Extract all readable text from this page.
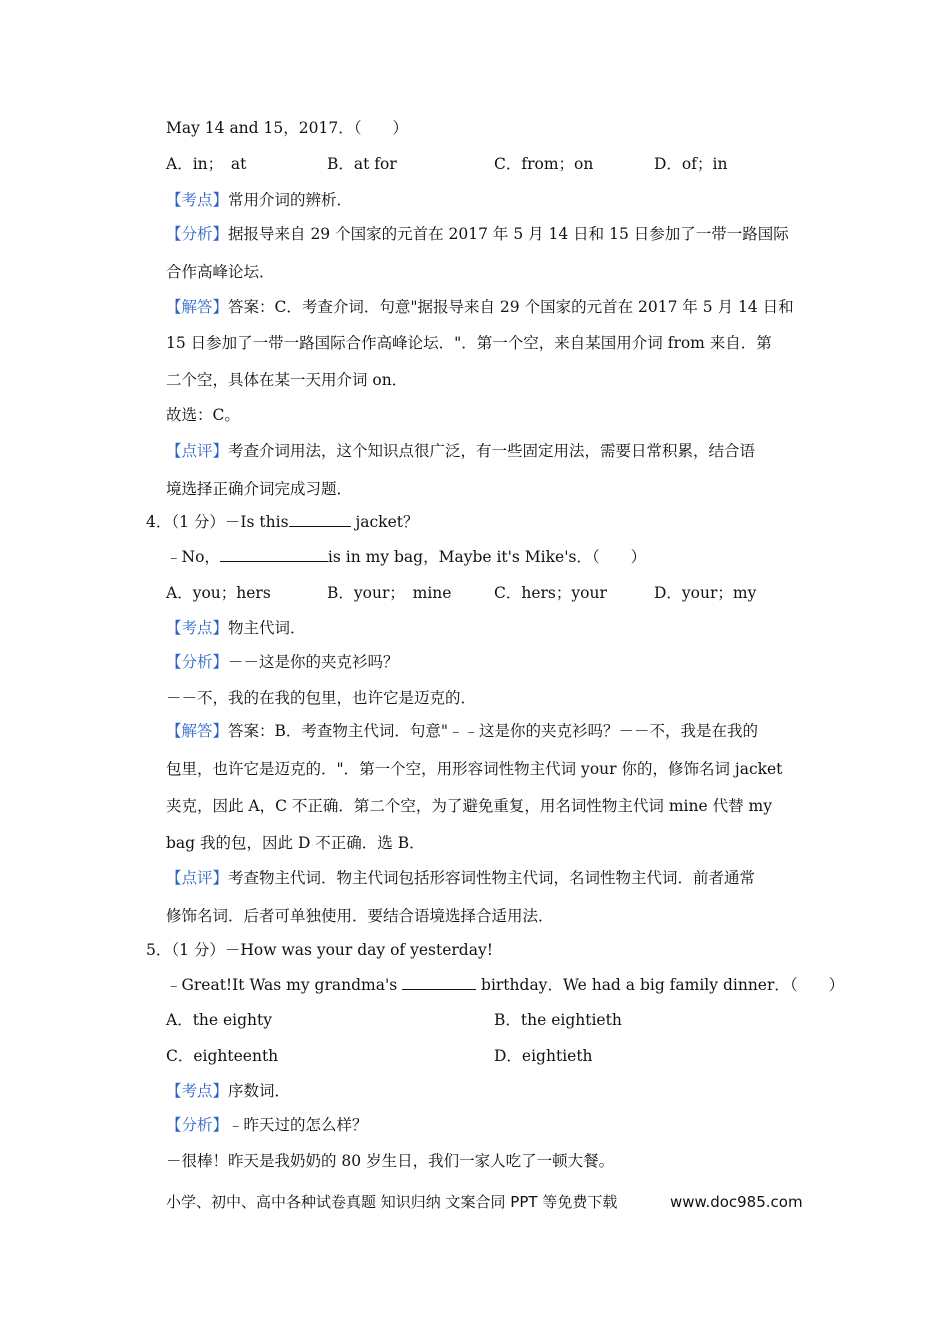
May 14 and 15，2017．（　　）
A．in；　at	B．at for	C．from；on	D．of；in
【考点】常用介词的辨析．
【分析】据报导来自 29 个国家的元首在 2017 年 5 月 14 日和 15 日参加了一带一路国际
合作高峰论坛．
【解答】答案：C．考查介词．句意"据报导来自 29 个国家的元首在 2017 年 5 月 14 日和
15 日参加了一带一路国际合作高峰论坛．"．第一个空，来自某国用介词 from 来自．第
二个空，具体在某一天用介词 on．
故选：C。
【点评】考查介词用法，这个知识点很广泛，有一些固定用法，需要日常积累，结合语
境选择正确介词完成习题．
4．（1 分）－Is this	jacket？
﹣No，	is in my bag，Maybe it's Mike's．（　　）
A．you；hers	B．your；　mine	C．hers；your	D．your；my
【考点】物主代词．
【分析】－－这是你的夹克衫吗？
－－不，我的在我的包里，也许它是迈克的．
【解答】答案：B．考查物主代词．句意"﹣﹣这是你的夹克衫吗？－－不，我是在我的
包里，也许它是迈克的．"．第一个空，用形容词性物主代词 your 你的，修饰名词 jacket
夹克，因此 A，C 不正确．第二个空，为了避免重复，用名词性物主代词 mine 代替 my
bag 我的包，因此 D 不正确．选 B．
【点评】考查物主代词．物主代词包括形容词性物主代词，名词性物主代词．前者通常
修饰名词．后者可单独使用．要结合语境选择合适用法．
5．（1 分）－How was your day of yesterday!
﹣Great!It Was my grandma's	birthday．We had a big family dinner．（　　）
A．the eighty	B．the eightieth
C．eighteenth	D．eightieth
【考点】序数词．
【分析】﹣昨天过的怎么样？
－很棒！昨天是我奶奶的 80 岁生日，我们一家人吃了一顿大餐。
小学、初中、高中各种试卷真题 知识归纳 文案合同 PPT 等免费下载	www.doc985.com
